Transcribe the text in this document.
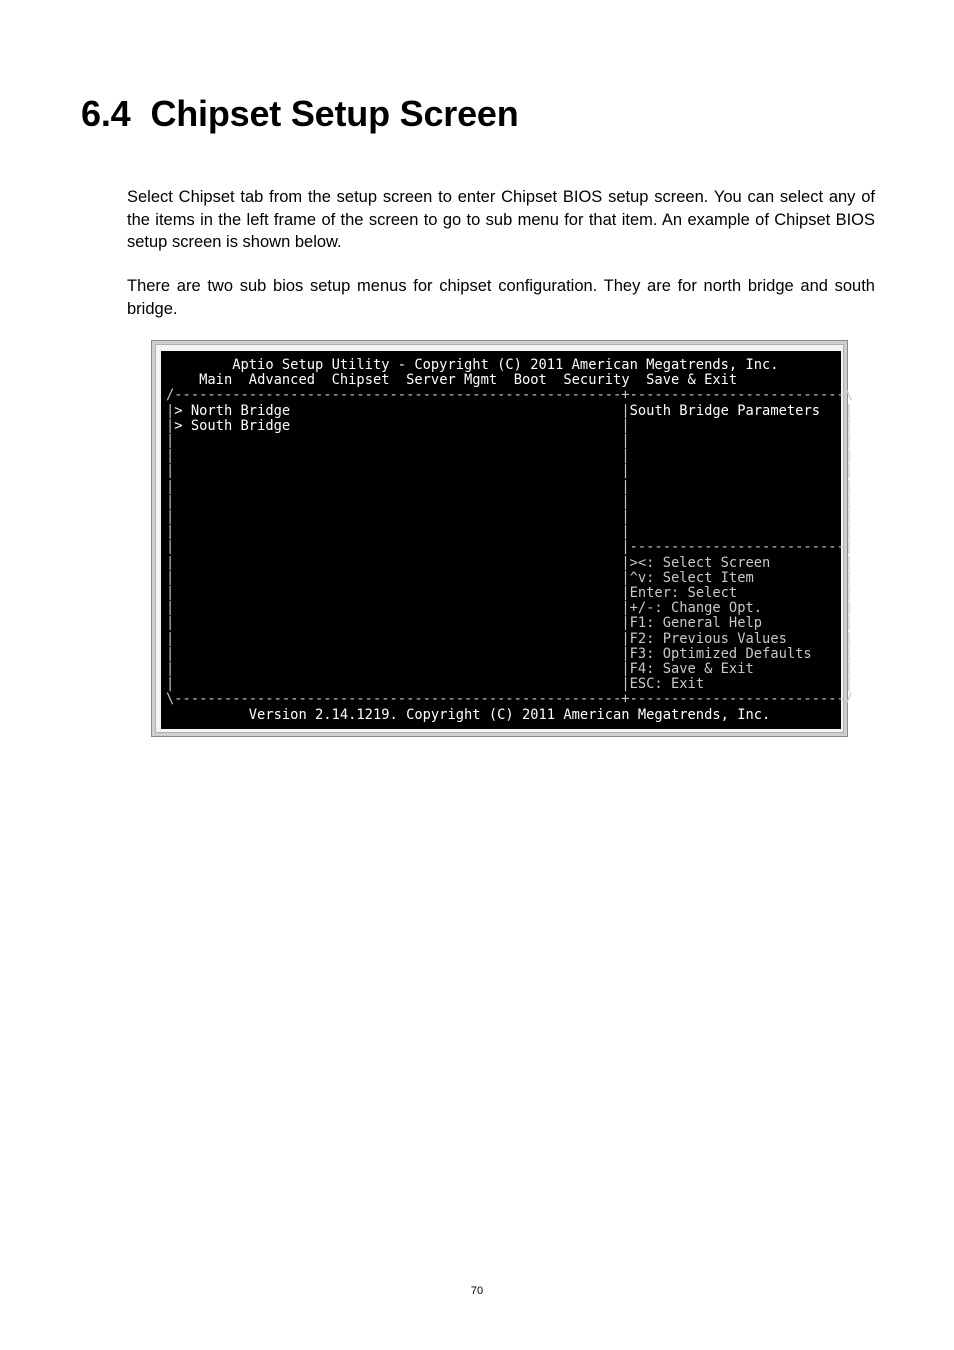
6.4 Chipset Setup Screen

Select Chipset tab from the setup screen to enter Chipset BIOS setup screen. You can select any of the items in the left frame of the screen to go to sub menu for that item. An example of Chipset BIOS setup screen is shown below.

There are two sub bios setup menus for chipset configuration. They are for north bridge and south bridge.

Aptio Setup Utility - Copyright (C) 2011 American Megatrends, Inc.
Main  Advanced  Chipset  Server Mgmt  Boot  Security  Save & Exit
/------------------------------------------------------+--------------------------\
|> North Bridge	|South Bridge Parameters |
|> South Bridge	|	|
|	|	|
|	|	|
|	|	|
|	|	|
|	|	|
|	|	|
|	|	|
|	|--------------------------|
|	|><: Select Screen	|
|	|^v: Select Item	|
|	|Enter: Select	|
|	|+/-: Change Opt.	|
|	|F1: General Help	|
|	|F2: Previous Values	|
|	|F3: Optimized Defaults |
|	|F4: Save & Exit	|
|	|ESC: Exit	|
\------------------------------------------------------+--------------------------/
Version 2.14.1219. Copyright (C) 2011 American Megatrends, Inc.
70
